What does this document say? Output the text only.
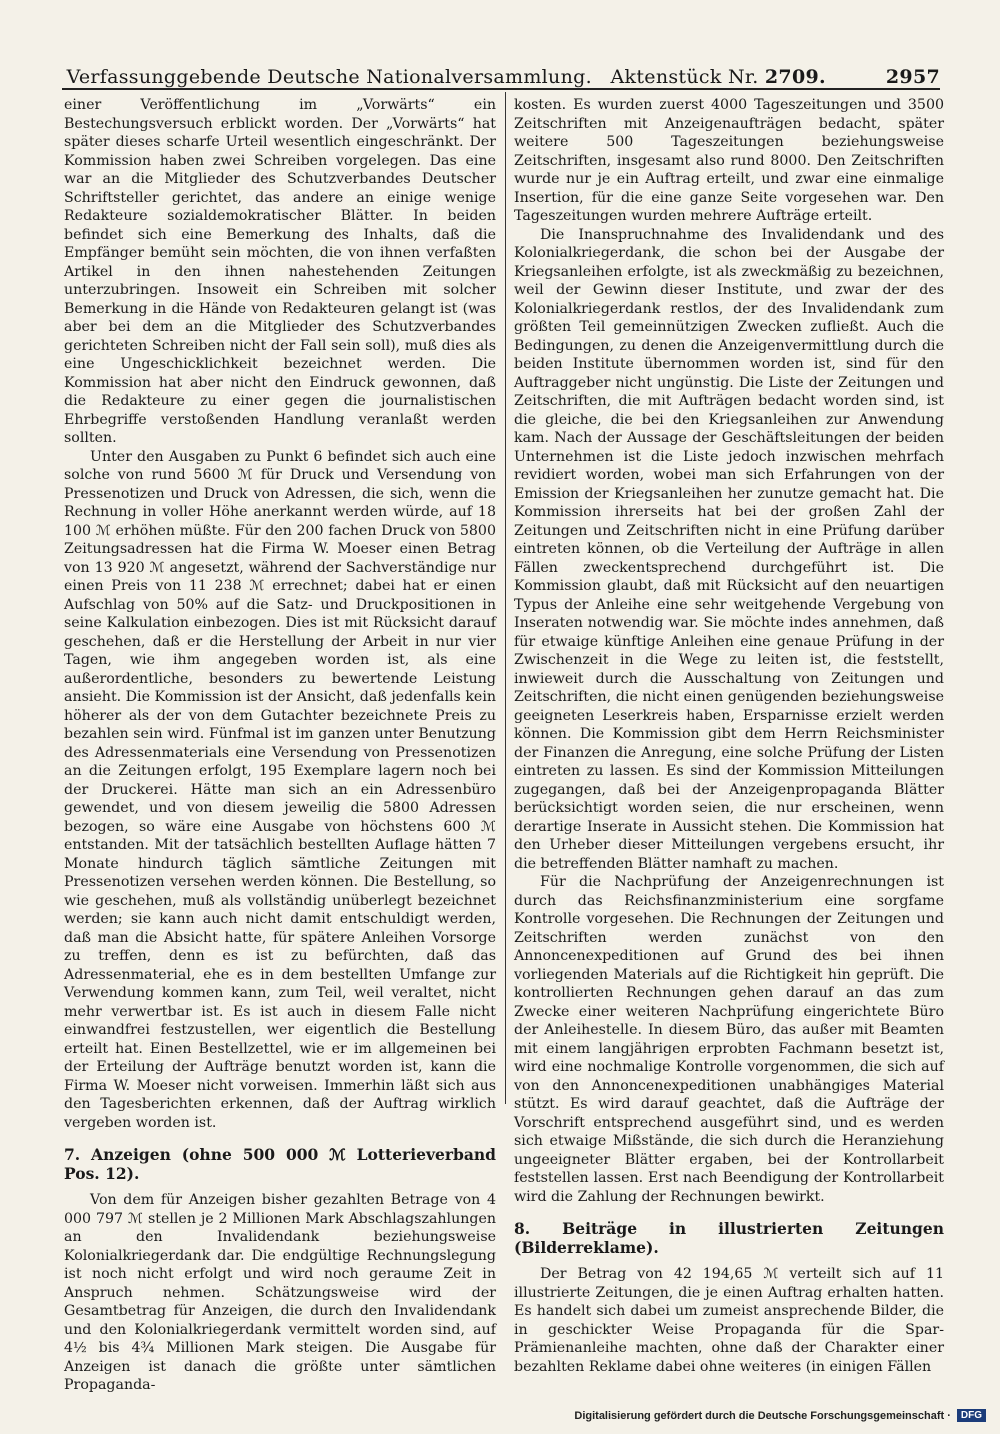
Verfassunggebende Deutsche Nationalversammlung. Aktenstück Nr. 2709.	2957

einer Veröffentlichung im „Vorwärts“ ein Bestechungsversuch erblickt worden. Der „Vorwärts“ hat später dieses scharfe Urteil wesentlich eingeschränkt. Der Kommission haben zwei Schreiben vorgelegen. Das eine war an die Mitglieder des Schutzverbandes Deutscher Schriftsteller gerichtet, das andere an einige wenige Redakteure sozialdemokratischer Blätter. In beiden befindet sich eine Bemerkung des Inhalts, daß die Empfänger bemüht sein möchten, die von ihnen verfaßten Artikel in den ihnen nahestehenden Zeitungen unterzubringen. Insoweit ein Schreiben mit solcher Bemerkung in die Hände von Redakteuren gelangt ist (was aber bei dem an die Mitglieder des Schutzverbandes gerichteten Schreiben nicht der Fall sein soll), muß dies als eine Ungeschicklichkeit bezeichnet werden. Die Kommission hat aber nicht den Eindruck gewonnen, daß die Redakteure zu einer gegen die journalistischen Ehrbegriffe verstoßenden Handlung veranlaßt werden sollten.

Unter den Ausgaben zu Punkt 6 befindet sich auch eine solche von rund 5600 ℳ für Druck und Versendung von Pressenotizen und Druck von Adressen, die sich, wenn die Rechnung in voller Höhe anerkannt werden würde, auf 18 100 ℳ erhöhen müßte. Für den 200 fachen Druck von 5800 Zeitungsadressen hat die Firma W. Moeser einen Betrag von 13 920 ℳ angesetzt, während der Sachverständige nur einen Preis von 11 238 ℳ errechnet; dabei hat er einen Aufschlag von 50% auf die Satz- und Druckpositionen in seine Kalkulation einbezogen. Dies ist mit Rücksicht darauf geschehen, daß er die Herstellung der Arbeit in nur vier Tagen, wie ihm angegeben worden ist, als eine außerordentliche, besonders zu bewertende Leistung ansieht. Die Kommission ist der Ansicht, daß jedenfalls kein höherer als der von dem Gutachter bezeichnete Preis zu bezahlen sein wird. Fünfmal ist im ganzen unter Benutzung des Adressenmaterials eine Versendung von Pressenotizen an die Zeitungen erfolgt, 195 Exemplare lagern noch bei der Druckerei. Hätte man sich an ein Adressenbüro gewendet, und von diesem jeweilig die 5800 Adressen bezogen, so wäre eine Ausgabe von höchstens 600 ℳ entstanden. Mit der tatsächlich bestellten Auflage hätten 7 Monate hindurch täglich sämtliche Zeitungen mit Pressenotizen versehen werden können. Die Bestellung, so wie geschehen, muß als vollständig unüberlegt bezeichnet werden; sie kann auch nicht damit entschuldigt werden, daß man die Absicht hatte, für spätere Anleihen Vorsorge zu treffen, denn es ist zu befürchten, daß das Adressenmaterial, ehe es in dem bestellten Umfange zur Verwendung kommen kann, zum Teil, weil veraltet, nicht mehr verwertbar ist. Es ist auch in diesem Falle nicht einwandfrei festzustellen, wer eigentlich die Bestellung erteilt hat. Einen Bestellzettel, wie er im allgemeinen bei der Erteilung der Aufträge benutzt worden ist, kann die Firma W. Moeser nicht vorweisen. Immerhin läßt sich aus den Tagesberichten erkennen, daß der Auftrag wirklich vergeben worden ist.

7. Anzeigen (ohne 500 000 ℳ Lotterieverband Pos. 12).

Von dem für Anzeigen bisher gezahlten Betrage von 4 000 797 ℳ stellen je 2 Millionen Mark Abschlagszahlungen an den Invalidendank beziehungsweise Kolonialkriegerdank dar. Die endgültige Rechnungslegung ist noch nicht erfolgt und wird noch geraume Zeit in Anspruch nehmen. Schätzungsweise wird der Gesamtbetrag für Anzeigen, die durch den Invalidendank und den Kolonialkriegerdank vermittelt worden sind, auf 4½ bis 4¾ Millionen Mark steigen. Die Ausgabe für Anzeigen ist danach die größte unter sämtlichen Propaganda-

kosten. Es wurden zuerst 4000 Tageszeitungen und 3500 Zeitschriften mit Anzeigenaufträgen bedacht, später weitere 500 Tageszeitungen beziehungsweise Zeitschriften, insgesamt also rund 8000. Den Zeitschriften wurde nur je ein Auftrag erteilt, und zwar eine einmalige Insertion, für die eine ganze Seite vorgesehen war. Den Tageszeitungen wurden mehrere Aufträge erteilt.

Die Inanspruchnahme des Invalidendank und des Kolonialkriegerdank, die schon bei der Ausgabe der Kriegsanleihen erfolgte, ist als zweckmäßig zu bezeichnen, weil der Gewinn dieser Institute, und zwar der des Kolonialkriegerdank restlos, der des Invalidendank zum größten Teil gemeinnützigen Zwecken zufließt. Auch die Bedingungen, zu denen die Anzeigenvermittlung durch die beiden Institute übernommen worden ist, sind für den Auftraggeber nicht ungünstig. Die Liste der Zeitungen und Zeitschriften, die mit Aufträgen bedacht worden sind, ist die gleiche, die bei den Kriegsanleihen zur Anwendung kam. Nach der Aussage der Geschäftsleitungen der beiden Unternehmen ist die Liste jedoch inzwischen mehrfach revidiert worden, wobei man sich Erfahrungen von der Emission der Kriegsanleihen her zunutze gemacht hat. Die Kommission ihrerseits hat bei der großen Zahl der Zeitungen und Zeitschriften nicht in eine Prüfung darüber eintreten können, ob die Verteilung der Aufträge in allen Fällen zweckentsprechend durchgeführt ist. Die Kommission glaubt, daß mit Rücksicht auf den neuartigen Typus der Anleihe eine sehr weitgehende Vergebung von Inseraten notwendig war. Sie möchte indes annehmen, daß für etwaige künftige Anleihen eine genaue Prüfung in der Zwischenzeit in die Wege zu leiten ist, die feststellt, inwieweit durch die Ausschaltung von Zeitungen und Zeitschriften, die nicht einen genügenden beziehungsweise geeigneten Leserkreis haben, Ersparnisse erzielt werden können. Die Kommission gibt dem Herrn Reichsminister der Finanzen die Anregung, eine solche Prüfung der Listen eintreten zu lassen. Es sind der Kommission Mitteilungen zugegangen, daß bei der Anzeigenpropaganda Blätter berücksichtigt worden seien, die nur erscheinen, wenn derartige Inserate in Aussicht stehen. Die Kommission hat den Urheber dieser Mitteilungen vergebens ersucht, ihr die betreffenden Blätter namhaft zu machen.

Für die Nachprüfung der Anzeigenrechnungen ist durch das Reichsfinanzministerium eine sorgfame Kontrolle vorgesehen. Die Rechnungen der Zeitungen und Zeitschriften werden zunächst von den Annoncenexpeditionen auf Grund des bei ihnen vorliegenden Materials auf die Richtigkeit hin geprüft. Die kontrollierten Rechnungen gehen darauf an das zum Zwecke einer weiteren Nachprüfung eingerichtete Büro der Anleihestelle. In diesem Büro, das außer mit Beamten mit einem langjährigen erprobten Fachmann besetzt ist, wird eine nochmalige Kontrolle vorgenommen, die sich auf von den Annoncenexpeditionen unabhängiges Material stützt. Es wird darauf geachtet, daß die Aufträge der Vorschrift entsprechend ausgeführt sind, und es werden sich etwaige Mißstände, die sich durch die Heranziehung ungeeigneter Blätter ergaben, bei der Kontrollarbeit feststellen lassen. Erst nach Beendigung der Kontrollarbeit wird die Zahlung der Rechnungen bewirkt.

8. Beiträge in illustrierten Zeitungen (Bilderreklame).

Der Betrag von 42 194,65 ℳ verteilt sich auf 11 illustrierte Zeitungen, die je einen Auftrag erhalten hatten. Es handelt sich dabei um zumeist ansprechende Bilder, die in geschickter Weise Propaganda für die Spar-Prämienanleihe machten, ohne daß der Charakter einer bezahlten Reklame dabei ohne weiteres (in einigen Fällen

Digitalisierung gefördert durch die Deutsche Forschungsgemeinschaft ·	DFG
